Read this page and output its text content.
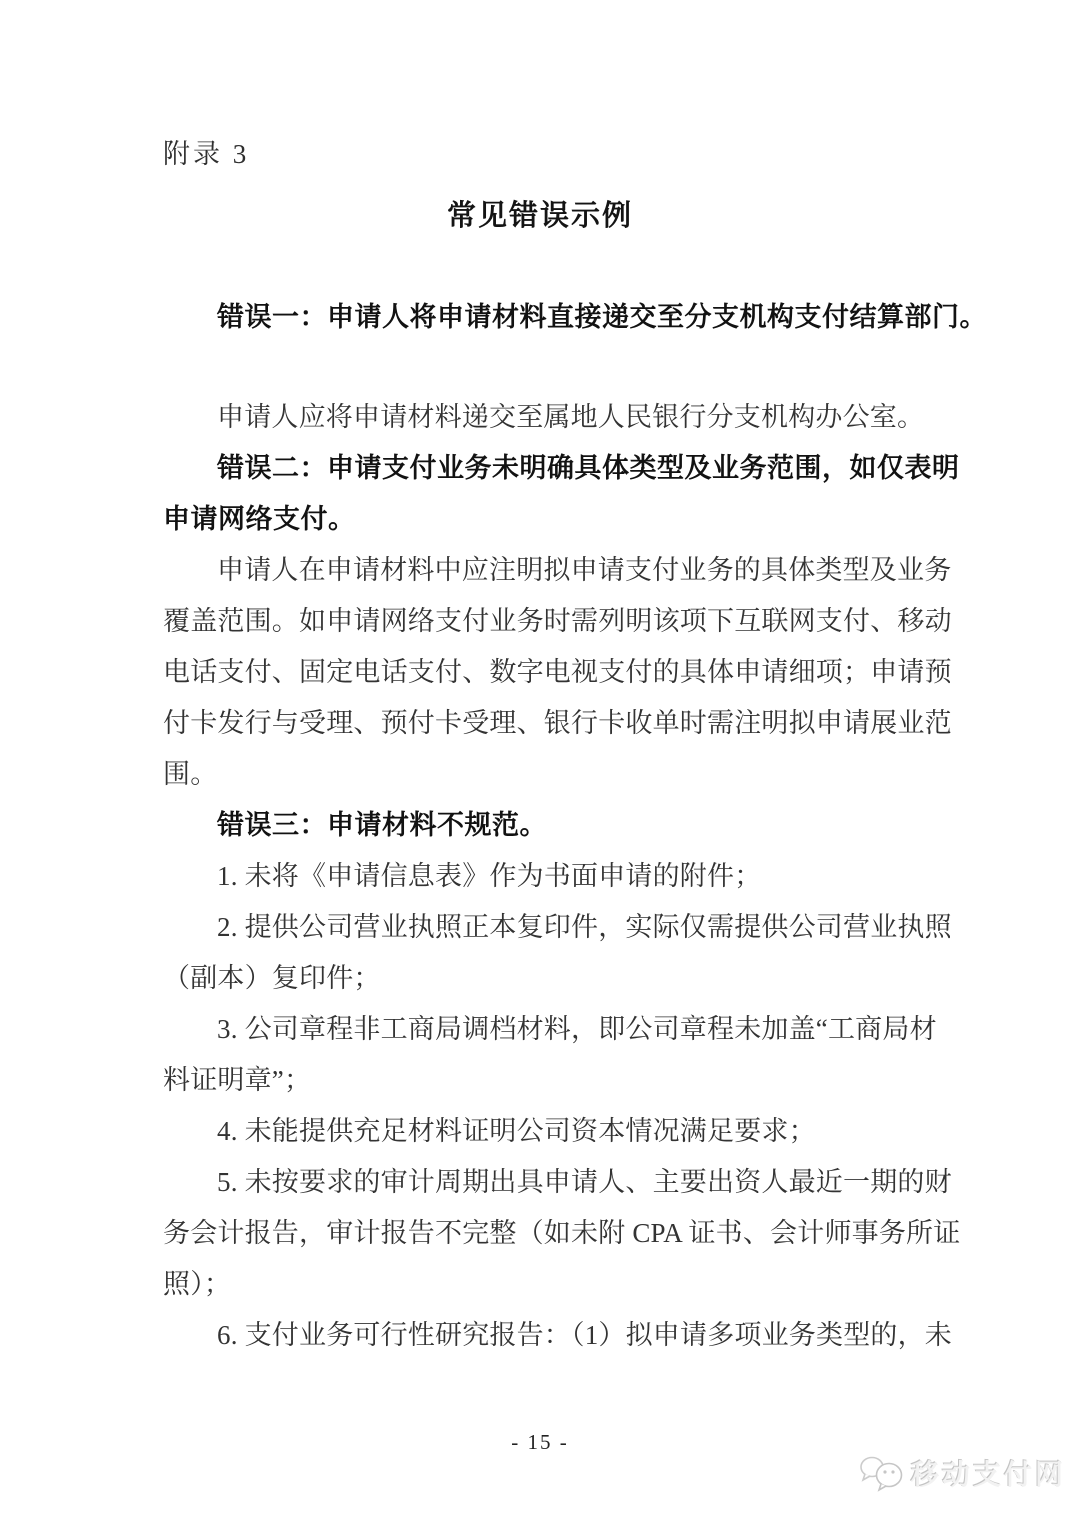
附录 3
常见错误示例
错误一：申请人将申请材料直接递交至分支机构支付结算部门。
申请人应将申请材料递交至属地人民银行分支机构办公室。
错误二：申请支付业务未明确具体类型及业务范围，如仅表明
申请网络支付。
申请人在申请材料中应注明拟申请支付业务的具体类型及业务
覆盖范围。如申请网络支付业务时需列明该项下互联网支付、移动
电话支付、固定电话支付、数字电视支付的具体申请细项；申请预
付卡发行与受理、预付卡受理、银行卡收单时需注明拟申请展业范
围。
错误三：申请材料不规范。
1. 未将《申请信息表》作为书面申请的附件；
2. 提供公司营业执照正本复印件，实际仅需提供公司营业执照
（副本）复印件；
3. 公司章程非工商局调档材料，即公司章程未加盖“工商局材
料证明章”；
4. 未能提供充足材料证明公司资本情况满足要求；
5. 未按要求的审计周期出具申请人、主要出资人最近一期的财
务会计报告，审计报告不完整（如未附 CPA 证书、会计师事务所证
照）；
6. 支付业务可行性研究报告：（1）拟申请多项业务类型的，未
- 15 -
移动支付网
